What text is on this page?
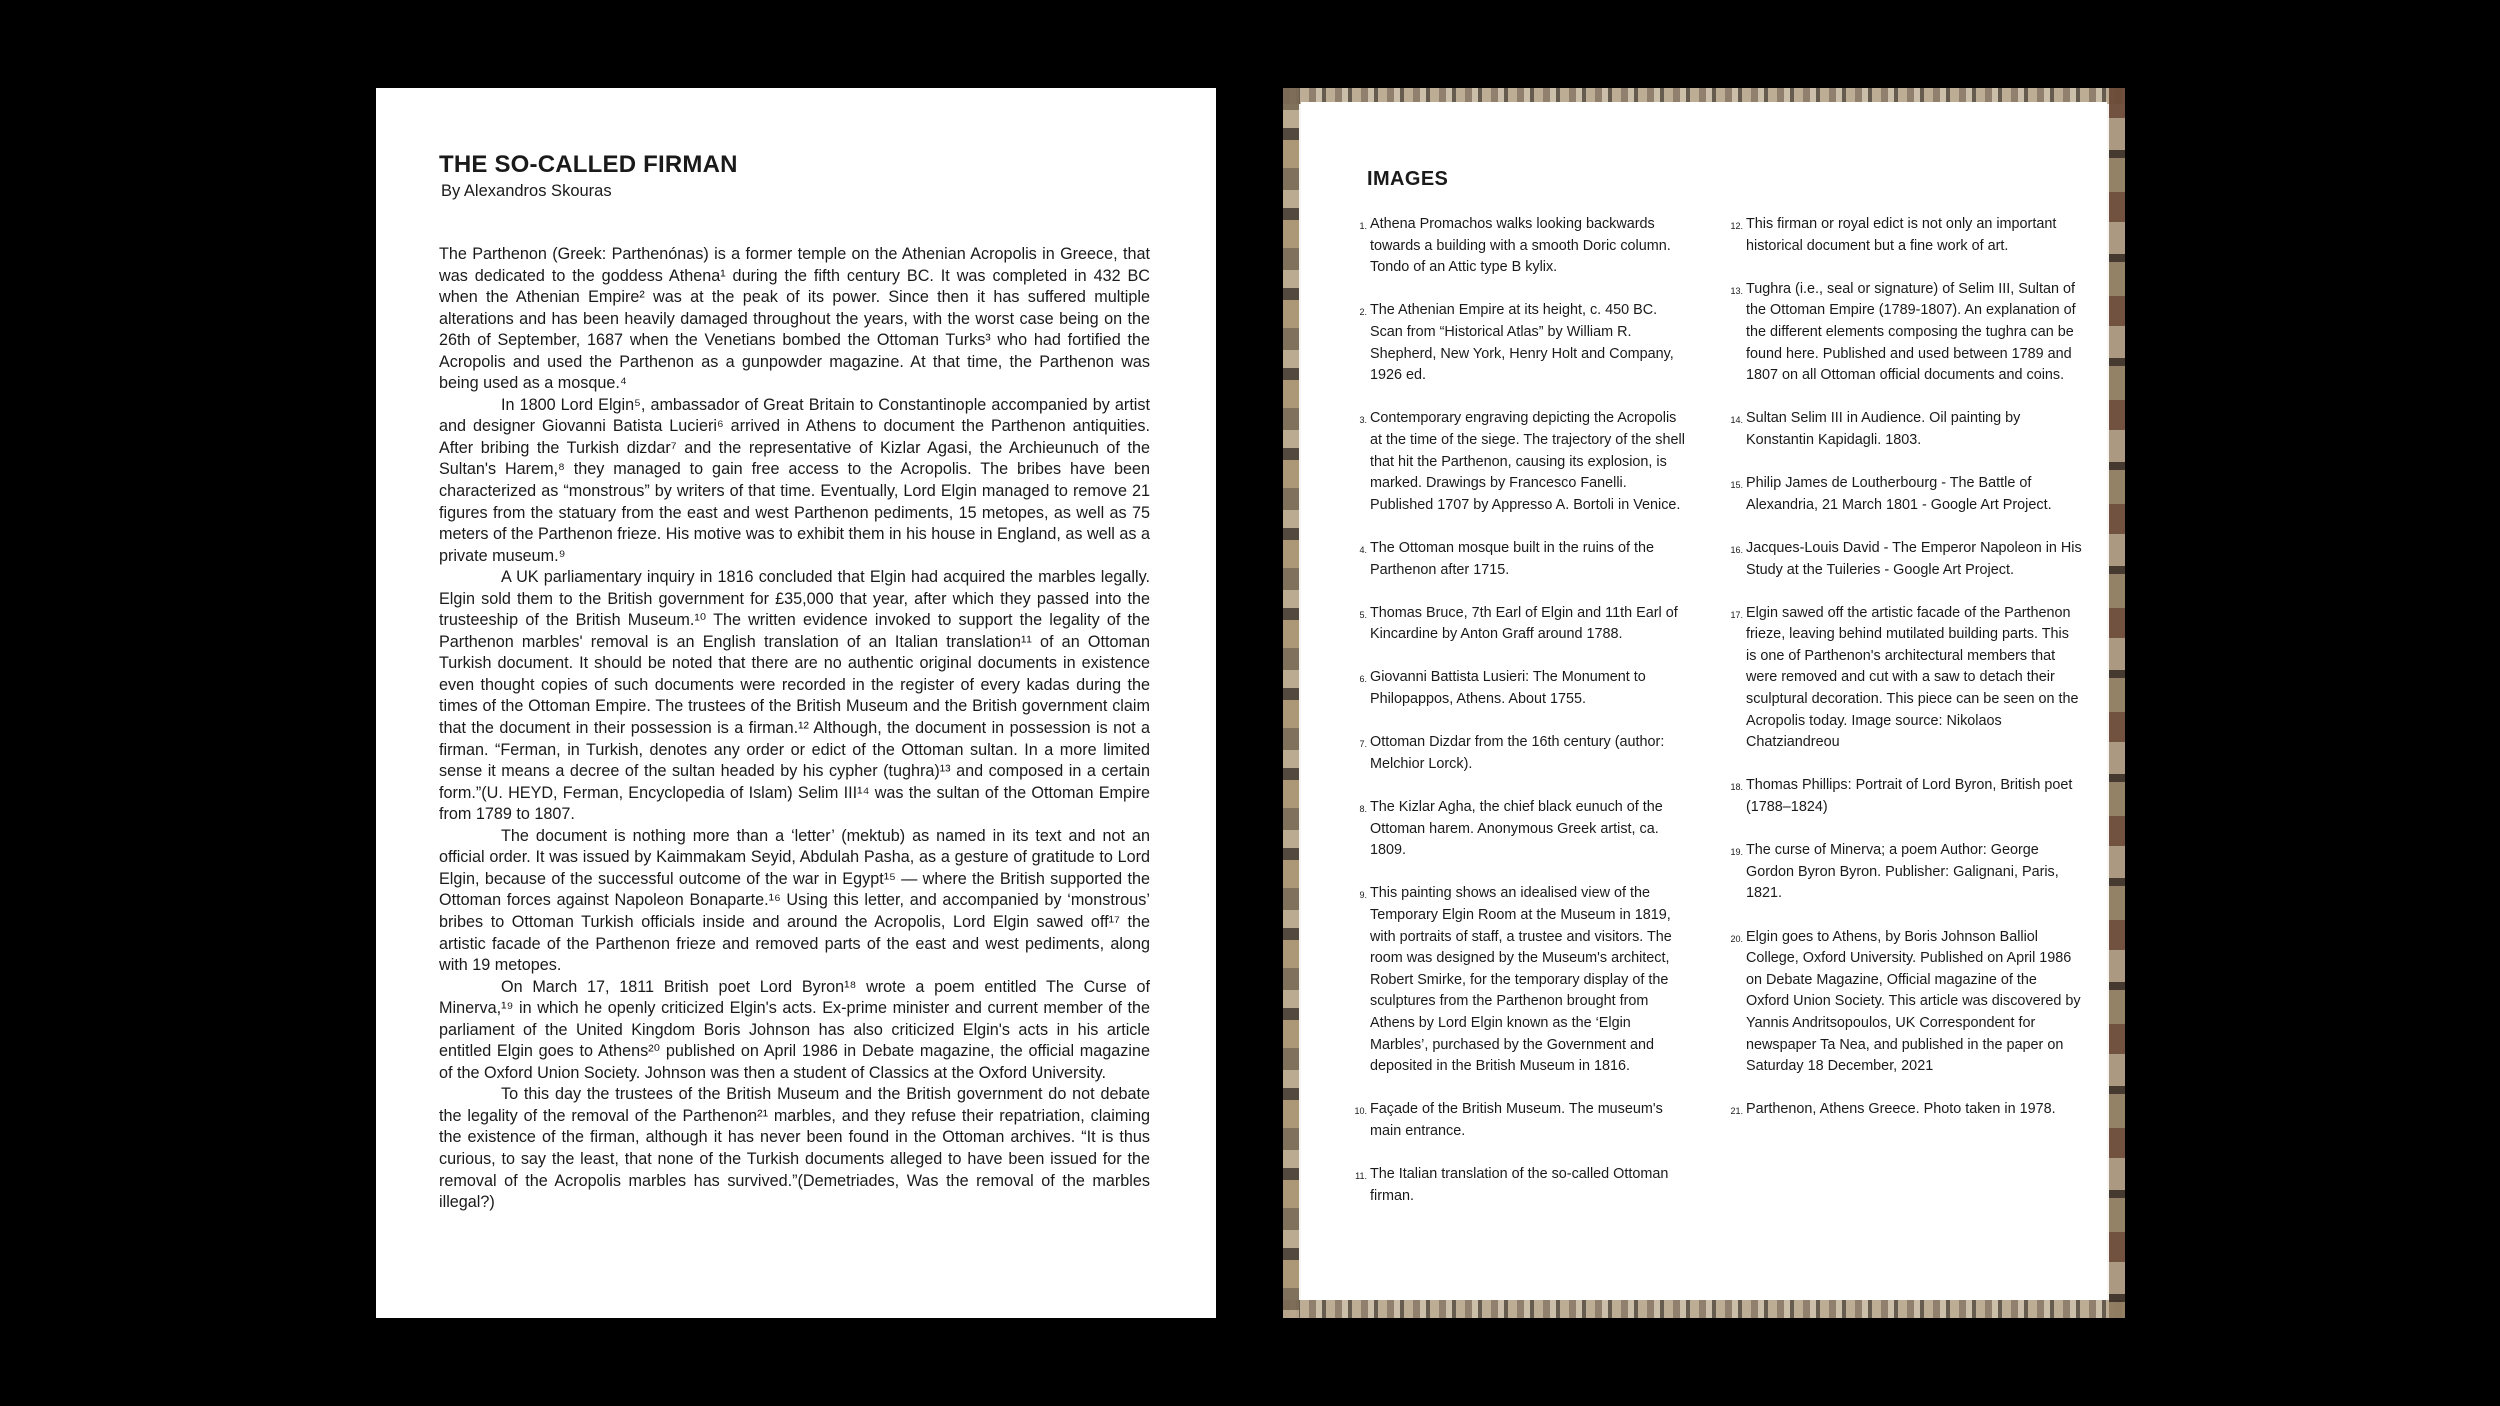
THE SO-CALLED FIRMAN

By Alexandros Skouras

The Parthenon (Greek: Parthenónas) is a former temple on the Athenian Acropolis in Greece, that was dedicated to the goddess Athena¹ during the fifth century BC. It was completed in 432 BC when the Athenian Empire² was at the peak of its power. Since then it has suffered multiple alterations and has been heavily damaged throughout the years, with the worst case being on the 26th of September, 1687 when the Venetians bombed the Ottoman Turks³ who had fortified the Acropolis and used the Parthenon as a gunpowder magazine. At that time, the Parthenon was being used as a mosque.⁴

In 1800 Lord Elgin⁵, ambassador of Great Britain to Constantinople accompanied by artist and designer Giovanni Batista Lucieri⁶ arrived in Athens to document the Parthenon antiquities. After bribing the Turkish dizdar⁷ and the representative of Kizlar Agasi, the Archieunuch of the Sultan's Harem,⁸ they managed to gain free access to the Acropolis. The bribes have been characterized as “monstrous” by writers of that time. Eventually, Lord Elgin managed to remove 21 figures from the statuary from the east and west Parthenon pediments, 15 metopes, as well as 75 meters of the Parthenon frieze. His motive was to exhibit them in his house in England, as well as a private museum.⁹

A UK parliamentary inquiry in 1816 concluded that Elgin had acquired the marbles legally. Elgin sold them to the British government for £35,000 that year, after which they passed into the trusteeship of the British Museum.¹⁰ The written evidence invoked to support the legality of the Parthenon marbles' removal is an English translation of an Italian translation¹¹ of an Ottoman Turkish document. It should be noted that there are no authentic original documents in existence even thought copies of such documents were recorded in the register of every kadas during the times of the Ottoman Empire. The trustees of the British Museum and the British government claim that the document in their possession is a firman.¹² Although, the document in possession is not a firman. “Ferman, in Turkish, denotes any order or edict of the Ottoman sultan. In a more limited sense it means a decree of the sultan headed by his cypher (tughra)¹³ and composed in a certain form.”(U. HEYD, Ferman, Encyclopedia of Islam) Selim III¹⁴ was the sultan of the Ottoman Empire from 1789 to 1807.

The document is nothing more than a ‘letter’ (mektub) as named in its text and not an official order. It was issued by Kaimmakam Seyid, Abdulah Pasha, as a gesture of gratitude to Lord Elgin, because of the successful outcome of the war in Egypt¹⁵ — where the British supported the Ottoman forces against Napoleon Bonaparte.¹⁶ Using this letter, and accompanied by ‘monstrous’ bribes to Ottoman Turkish officials inside and around the Acropolis, Lord Elgin sawed off¹⁷ the artistic facade of the Parthenon frieze and removed parts of the east and west pediments, along with 19 metopes.

On March 17, 1811 British poet Lord Byron¹⁸ wrote a poem entitled The Curse of Minerva,¹⁹ in which he openly criticized Elgin's acts. Ex-prime minister and current member of the parliament of the United Kingdom Boris Johnson has also criticized Elgin's acts in his article entitled Elgin goes to Athens²⁰ published on April 1986 in Debate magazine, the official magazine of the Oxford Union Society. Johnson was then a student of Classics at the Oxford University.

To this day the trustees of the British Museum and the British government do not debate the legality of the removal of the Parthenon²¹ marbles, and they refuse their repatriation, claiming the existence of the firman, although it has never been found in the Ottoman archives. “It is thus curious, to say the least, that none of the Turkish documents alleged to have been issued for the removal of the Acropolis marbles has survived.”(Demetriades, Was the removal of the marbles illegal?)

IMAGES
1. Athena Promachos walks looking backwards towards a building with a smooth Doric column. Tondo of an Attic type B kylix.
2. The Athenian Empire at its height, c. 450 BC. Scan from “Historical Atlas” by William R. Shepherd, New York, Henry Holt and Company, 1926 ed.
3. Contemporary engraving depicting the Acropolis at the time of the siege. The trajectory of the shell that hit the Parthenon, causing its explosion, is marked. Drawings by Francesco Fanelli. Published 1707 by Appresso A. Bortoli in Venice.
4. The Ottoman mosque built in the ruins of the Parthenon after 1715.
5. Thomas Bruce, 7th Earl of Elgin and 11th Earl of Kincardine by Anton Graff around 1788.
6. Giovanni Battista Lusieri: The Monument to Philopappos, Athens. About 1755.
7. Ottoman Dizdar from the 16th century (author: Melchior Lorck).
8. The Kizlar Agha, the chief black eunuch of the Ottoman harem. Anonymous Greek artist, ca. 1809.
9. This painting shows an idealised view of the Temporary Elgin Room at the Museum in 1819, with portraits of staff, a trustee and visitors. The room was designed by the Museum's architect, Robert Smirke, for the temporary display of the sculptures from the Parthenon brought from Athens by Lord Elgin known as the ‘Elgin Marbles’, purchased by the Government and deposited in the British Museum in 1816.
10. Façade of the British Museum. The museum's main entrance.
11. The Italian translation of the so-called Ottoman firman.
12. This firman or royal edict is not only an important historical document but a fine work of art.
13. Tughra (i.e., seal or signature) of Selim III, Sultan of the Ottoman Empire (1789-1807). An explanation of the different elements composing the tughra can be found here. Published and used between 1789 and 1807 on all Ottoman official documents and coins.
14. Sultan Selim III in Audience. Oil painting by Konstantin Kapidagli. 1803.
15. Philip James de Loutherbourg - The Battle of Alexandria, 21 March 1801 - Google Art Project.
16. Jacques-Louis David - The Emperor Napoleon in His Study at the Tuileries - Google Art Project.
17. Elgin sawed off the artistic facade of the Parthenon frieze, leaving behind mutilated building parts. This is one of Parthenon's architectural members that were removed and cut with a saw to detach their sculptural decoration. This piece can be seen on the Acropolis today. Image source: Nikolaos Chatziandreou
18. Thomas Phillips: Portrait of Lord Byron, British poet (1788–1824)
19. The curse of Minerva; a poem Author: George Gordon Byron Byron. Publisher: Galignani, Paris, 1821.
20. Elgin goes to Athens, by Boris Johnson Balliol College, Oxford University. Published on April 1986 on Debate Magazine, Official magazine of the Oxford Union Society. This article was discovered by Yannis Andritsopoulos, UK Correspondent for newspaper Ta Nea, and published in the paper on Saturday 18 December, 2021
21. Parthenon, Athens Greece. Photo taken in 1978.
